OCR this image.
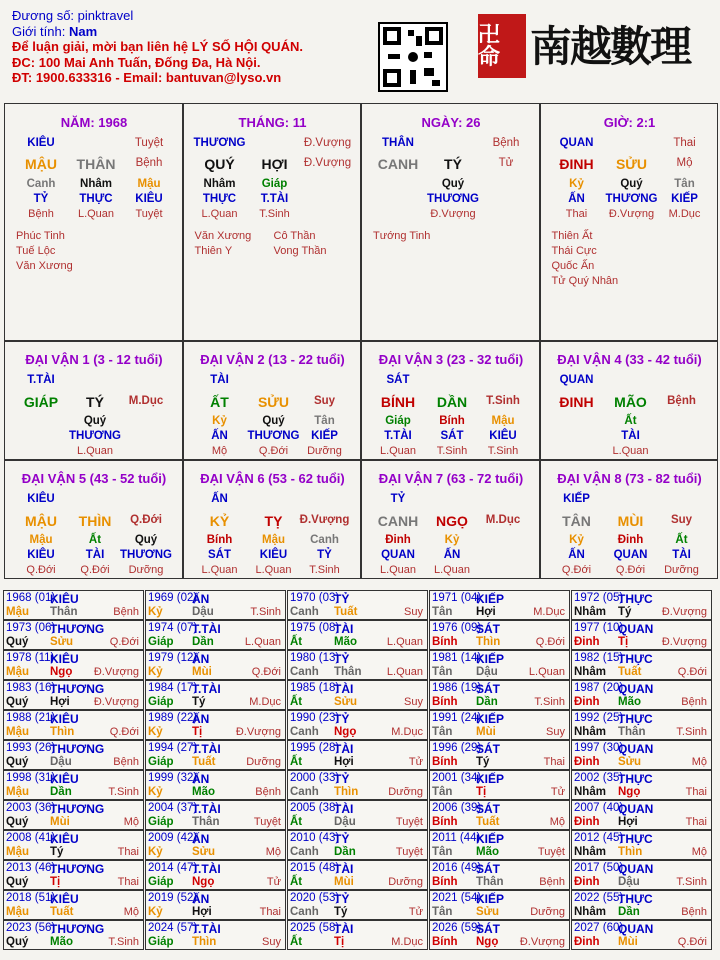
Đương số: pinktravel
Giới tính: Nam
Để luận giải, mời bạn liên hệ LÝ SỐ HỘI QUÁN.
ĐC: 100 Mai Anh Tuấn, Đống Đa, Hà Nội.
ĐT: 1900.633316 - Email: bantuvan@lyso.vn
卍 命 南越數理
NĂM: 1968
KIÊU	Tuyệt
MẬU THÂN Bệnh
Canh Nhâm Mậu
TỶ	THỰC KIÊU
Bệnh L.Quan Tuyệt
Phúc Tinh
Tuế Lộc
Văn Xương
THÁNG: 11
THƯƠNG	Đ.Vượng
QUÝ HỢI Đ.Vượng
Nhâm Giáp
THỰC T.TÀI
L.Quan T.Sinh
Văn Xương
Thiên Y
Cô Thần
Vong Thần
NGÀY: 26
THÂN	Bệnh
CANH TÝ	Tử
Quý
THƯƠNG
Đ.Vượng
Tướng Tinh
GIỜ: 2:1
QUAN	Thai
ĐINH SỬU	Mộ
Kỷ	Quý	Tân
ẤN THƯƠNG KIẾP
Thai Đ.Vượng M.Dục
Thiên Ất
Thái Cực
Quốc Ấn
Tử Quý Nhân
ĐẠI VẬN 1 (3 - 12 tuổi)
T.TÀI
GIÁP TÝ M.Dục
Quý
THƯƠNG
L.Quan
ĐẠI VẬN 2 (13 - 22 tuổi)
TÀI
ẤT SỬU Suy
Kỷ	Quý	Tân
ẤN THƯƠNG KIẾP
Mộ	Q.Đới Dưỡng
ĐẠI VẬN 3 (23 - 32 tuổi)
SÁT
BÍNH DẦN T.Sinh
Giáp Bính Mậu
T.TÀI	SÁT KIÊU
L.Quan T.Sinh T.Sinh
ĐẠI VẬN 4 (33 - 42 tuổi)
QUAN
ĐINH MÃO Bệnh
Ất
TÀI
L.Quan
ĐẠI VẬN 5 (43 - 52 tuổi)
KIÊU
MẬU THÌN Q.Đới
Mậu	Ất	Quý
KIÊU	TÀI THƯƠNG
Q.Đới Q.Đới Dưỡng
ĐẠI VẬN 6 (53 - 62 tuổi)
ẤN
KỶ	TỴ Đ.Vượng
Bính	Mậu Canh
SÁT	KIÊU	TỶ
L.Quan L.Quan T.Sinh
ĐẠI VẬN 7 (63 - 72 tuổi)
TỶ
CANH NGỌ M.Dục
Đinh	Kỷ
QUAN	ẤN
L.Quan L.Quan
ĐẠI VẬN 8 (73 - 82 tuổi)
KIẾP
TÂN MÙI Suy
Kỷ	Đinh	Ất
ẤN	QUAN TÀI
Q.Đới Q.Đới Dưỡng
1968 (01)
KIÊU
Mậu Thân	Bệnh
1969 (02)
ẤN
Kỷ	Dậu	T.Sinh
1970 (03)
TỶ
Canh Tuất	Suy
1971 (04)
KIẾP
Tân Hợi	M.Dục
1972 (05)
THỰC
Nhâm Tý	Đ.Vượng
1973 (06)
THƯƠNG
Quý Sửu	Q.Đới
1974 (07)
T.TÀI
Giáp Dần	L.Quan
1975 (08)
TÀI
Ất	Mão	L.Quan
1976 (09)
SÁT
Bính Thìn	Q.Đới
1977 (10)
QUAN
Đinh Tị	Đ.Vượng
1978 (11)
KIÊU
Mậu Ngọ Đ.Vượng
1979 (12)
ẤN
Kỷ	Mùi	Q.Đới
1980 (13)
TỶ
Canh Thân L.Quan
1981 (14)
KIẾP
Tân Dậu	L.Quan
1982 (15)
THỰC
Nhâm Tuất	Q.Đới
1983 (16)
THƯƠNG
Quý Hợi Đ.Vượng
1984 (17)
T.TÀI
Giáp Tý	M.Dục
1985 (18)
TÀI
Ất	Sửu	Suy
1986 (19)
SÁT
Bính Dần	T.Sinh
1987 (20)
QUAN
Đinh Mão	Bệnh
1988 (21)
KIÊU
Mậu Thìn	Q.Đới
1989 (22)
ẤN
Kỷ	Tị	Đ.Vượng
1990 (23)
TỶ
Canh Ngọ	M.Dục
1991 (24)
KIẾP
Tân Mùi	Suy
1992 (25)
THỰC
Nhâm Thân	T.Sinh
1993 (26)
THƯƠNG
Quý Dậu	Bệnh
1994 (27)
T.TÀI
Giáp Tuất	Dưỡng
1995 (28)
TÀI
Ất	Hợi	Tử
1996 (29)
SÁT
Bính Tý	Thai
1997 (30)
QUAN
Đinh Sửu	Mộ
1998 (31)
KIÊU
Mậu Dần	T.Sinh
1999 (32)
ẤN
Kỷ	Mão	Bệnh
2000 (33)
TỶ
Canh Thìn	Dưỡng
2001 (34)
KIẾP
Tân Tị	Tử
2002 (35)
THỰC
Nhâm Ngọ	Thai
2003 (36)
THƯƠNG
Quý Mùi	Mộ
2004 (37)
T.TÀI
Giáp Thân	Tuyệt
2005 (38)
TÀI
Ất	Dậu	Tuyệt
2006 (39)
SÁT
Bính Tuất	Mộ
2007 (40)
QUAN
Đinh Hợi	Thai
2008 (41)
KIÊU
Mậu Tý	Thai
2009 (42)
ẤN
Kỷ	Sửu	Mộ
2010 (43)
TỶ
Canh Dần	Tuyệt
2011 (44)
KIẾP
Tân Mão	Tuyệt
2012 (45)
THỰC
Nhâm Thìn	Mộ
2013 (46)
THƯƠNG
Quý Tị	Thai
2014 (47)
T.TÀI
Giáp Ngọ	Tử
2015 (48)
TÀI
Ất	Mùi	Dưỡng
2016 (49)
SÁT
Bính Thân	Bệnh
2017 (50)
QUAN
Đinh Dậu	T.Sinh
2018 (51)
KIÊU
Mậu Tuất	Mộ
2019 (52)
ẤN
Kỷ	Hợi	Thai
2020 (53)
TỶ
Canh Tý	Tử
2021 (54)
KIẾP
Tân Sửu	Dưỡng
2022 (55)
THỰC
Nhâm Dần	Bệnh
2023 (56)
THƯƠNG
Quý Mão	T.Sinh
2024 (57)
T.TÀI
Giáp Thìn	Suy
2025 (58)
TÀI
Ất	Tị	M.Dục
2026 (59)
SÁT
Bính Ngọ Đ.Vượng
2027 (60)
QUAN
Đinh Mùi	Q.Đới
